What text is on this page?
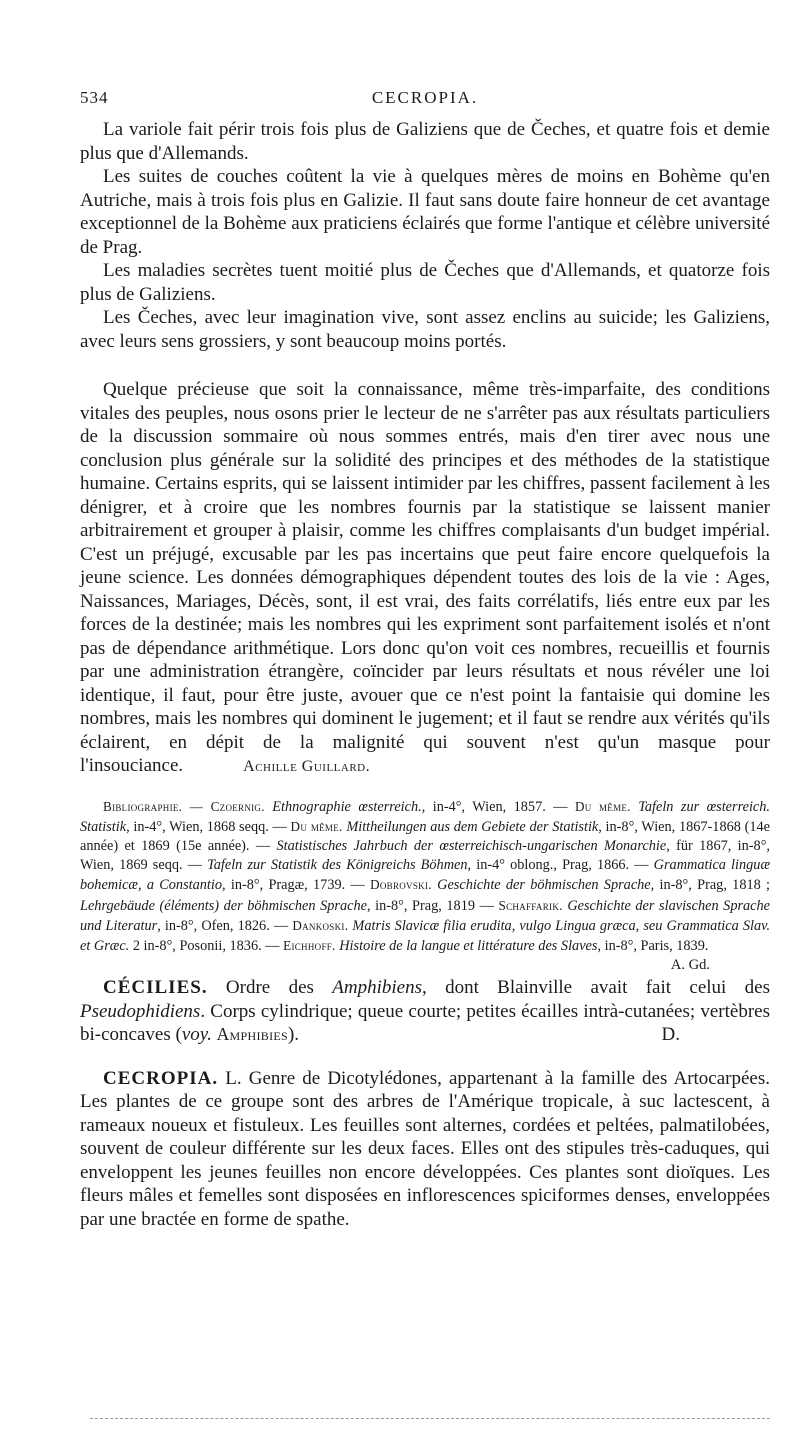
534	CECROPIA.

La variole fait périr trois fois plus de Galiziens que de Čeches, et quatre fois et demie plus que d'Allemands.

Les suites de couches coûtent la vie à quelques mères de moins en Bohème qu'en Autriche, mais à trois fois plus en Galizie. Il faut sans doute faire honneur de cet avantage exceptionnel de la Bohème aux praticiens éclairés que forme l'antique et célèbre université de Prag.

Les maladies secrètes tuent moitié plus de Čeches que d'Allemands, et quatorze fois plus de Galiziens.

Les Čeches, avec leur imagination vive, sont assez enclins au suicide; les Galiziens, avec leurs sens grossiers, y sont beaucoup moins portés.

Quelque précieuse que soit la connaissance, même très-imparfaite, des conditions vitales des peuples, nous osons prier le lecteur de ne s'arrêter pas aux résultats particuliers de la discussion sommaire où nous sommes entrés, mais d'en tirer avec nous une conclusion plus générale sur la solidité des principes et des méthodes de la statistique humaine. Certains esprits, qui se laissent intimider par les chiffres, passent facilement à les dénigrer, et à croire que les nombres fournis par la statistique se laissent manier arbitrairement et grouper à plaisir, comme les chiffres complaisants d'un budget impérial. C'est un préjugé, excusable par les pas incertains que peut faire encore quelquefois la jeune science. Les données démographiques dépendent toutes des lois de la vie : Ages, Naissances, Mariages, Décès, sont, il est vrai, des faits corrélatifs, liés entre eux par les forces de la destinée; mais les nombres qui les expriment sont parfaitement isolés et n'ont pas de dépendance arithmétique. Lors donc qu'on voit ces nombres, recueillis et fournis par une administration étrangère, coïncider par leurs résultats et nous révéler une loi identique, il faut, pour être juste, avouer que ce n'est point la fantaisie qui domine les nombres, mais les nombres qui dominent le jugement; et il faut se rendre aux vérités qu'ils éclairent, en dépit de la malignité qui souvent n'est qu'un masque pour l'insouciance.	Achille Guillard.

Bibliographie. — Czoernig. Ethnographie œsterreich., in-4°, Wien, 1857. — Du même. Tafeln zur œsterreich. Statistik, in-4°, Wien, 1868 seqq. — Du même. Mittheilungen aus dem Gebiete der Statistik, in-8°, Wien, 1867-1868 (14e année) et 1869 (15e année). — Statistisches Jahrbuch der œsterreichisch-ungarischen Monarchie, für 1867, in-8°, Wien, 1869 seqq. — Tafeln zur Statistik des Königreichs Böhmen, in-4° oblong., Prag, 1866. — Grammatica linguæ bohemicæ, a Constantio, in-8°, Pragæ, 1739. — Dobrovski. Geschichte der böhmischen Sprache, in-8°, Prag, 1818 ; Lehrgebäude (éléments) der böhmischen Sprache, in-8°, Prag, 1819 — Schaffarik. Geschichte der slavischen Sprache und Literatur, in-8°, Ofen, 1826. — Dankoski. Matris Slavicæ filia erudita, vulgo Lingua græca, seu Grammatica Slav. et Græc. 2 in-8°, Posonii, 1836. — Eichhoff. Histoire de la langue et littérature des Slaves, in-8°, Paris, 1839.
A. Gd.

CÉCILIES. Ordre des Amphibiens, dont Blainville avait fait celui des Pseudophidiens. Corps cylindrique; queue courte; petites écailles intrà-cutanées; vertèbres bi-concaves (voy. Amphibies).	D.

CECROPIA. L. Genre de Dicotylédones, appartenant à la famille des Artocarpées. Les plantes de ce groupe sont des arbres de l'Amérique tropicale, à suc lactescent, à rameaux noueux et fistuleux. Les feuilles sont alternes, cordées et peltées, palmatilobées, souvent de couleur différente sur les deux faces. Elles ont des stipules très-caduques, qui enveloppent les jeunes feuilles non encore développées. Ces plantes sont dioïques. Les fleurs mâles et femelles sont disposées en inflorescences spiciformes denses, enveloppées par une bractée en forme de spathe.
